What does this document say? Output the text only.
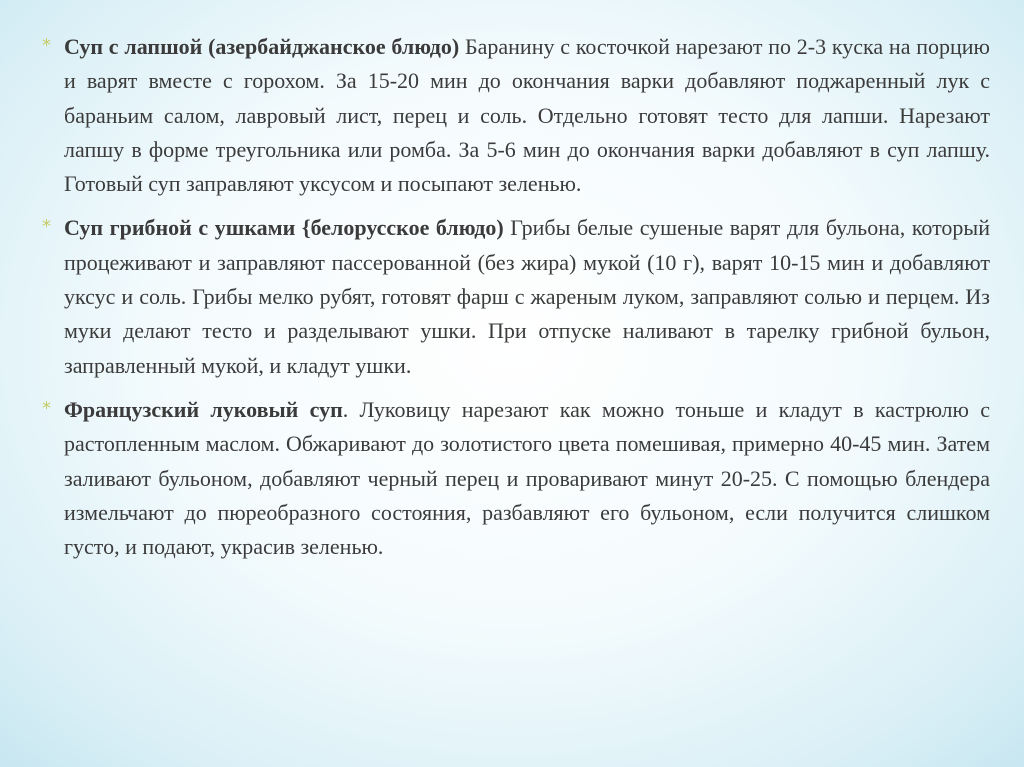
* Суп с лапшой (азербайджанское блюдо) Баранину с косточкой нарезают по 2-3 куска на порцию и варят вместе с горохом. За 15-20 мин до окончания варки добавляют поджаренный лук с бараньим салом, лавровый лист, перец и соль. Отдельно готовят тесто для лапши. Нарезают лапшу в форме треугольника или ромба. За 5-6 мин до окончания варки добавляют в суп лапшу. Готовый суп заправляют уксусом и посыпают зеленью.

* Суп грибной с ушками {белорусское блюдо) Грибы белые сушеные варят для бульона, который процеживают и заправляют пассерованной (без жира) мукой (10 г), варят 10-15 мин и добавляют уксус и соль. Грибы мелко рубят, готовят фарш с жареным луком, заправляют солью и перцем. Из муки делают тесто и разделывают ушки. При отпуске наливают в тарелку грибной бульон, заправленный мукой, и кладут ушки.

* Французский луковый суп. Луковицу нарезают как можно тоньше и кладут в кастрюлю с растопленным маслом. Обжаривают до золотистого цвета помешивая, примерно 40-45 мин. Затем заливают бульоном, добавляют черный перец и проваривают минут 20-25. С помощью блендера измельчают до пюреобразного состояния, разбавляют его бульоном, если получится слишком густо, и подают, украсив зеленью.
